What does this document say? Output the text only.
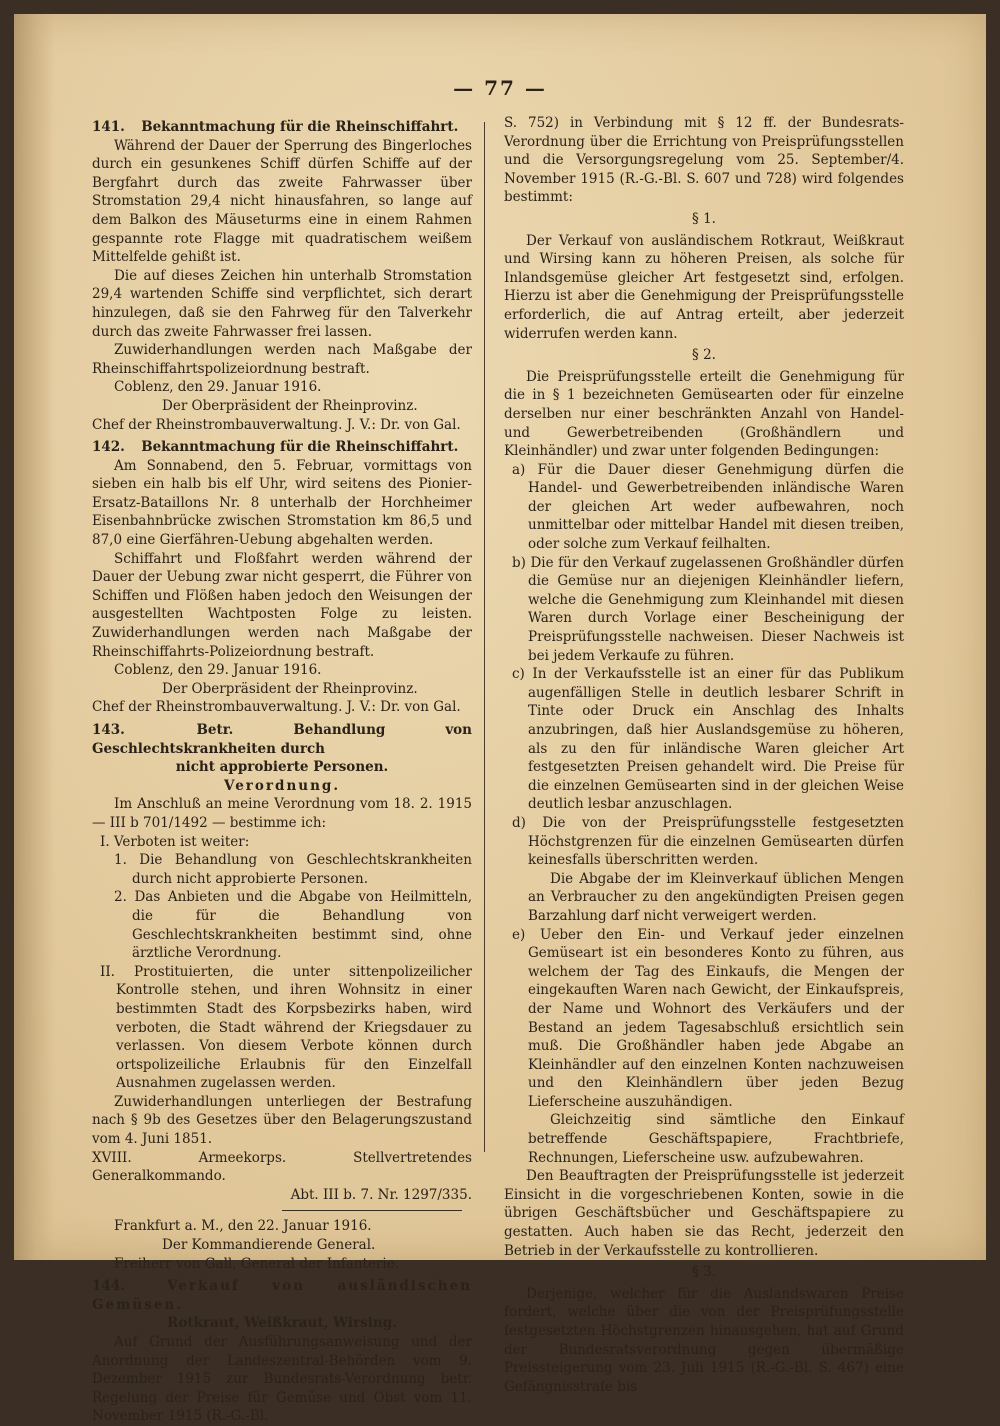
— 77 —

141. Bekanntmachung für die Rheinschiffahrt.

Während der Dauer der Sperrung des Bingerloches durch ein gesunkenes Schiff dürfen Schiffe auf der Bergfahrt durch das zweite Fahrwasser über Stromstation 29,4 nicht hinausfahren, so lange auf dem Balkon des Mäuseturms eine in einem Rahmen gespannte rote Flagge mit quadratischem weißem Mittelfelde gehißt ist.

Die auf dieses Zeichen hin unterhalb Stromstation 29,4 wartenden Schiffe sind verpflichtet, sich derart hinzulegen, daß sie den Fahrweg für den Talverkehr durch das zweite Fahrwasser frei lassen.

Zuwiderhandlungen werden nach Maßgabe der Rheinschiffahrtspolizeiordnung bestraft.

Coblenz, den 29. Januar 1916.

Der Oberpräsident der Rheinprovinz.

Chef der Rheinstrombauverwaltung. J. V.: Dr. von Gal.

142. Bekanntmachung für die Rheinschiffahrt.

Am Sonnabend, den 5. Februar, vormittags von sieben ein halb bis elf Uhr, wird seitens des Pionier-Ersatz-Bataillons Nr. 8 unterhalb der Horchheimer Eisenbahnbrücke zwischen Stromstation km 86,5 und 87,0 eine Gierfähren-Uebung abgehalten werden.

Schiffahrt und Floßfahrt werden während der Dauer der Uebung zwar nicht gesperrt, die Führer von Schiffen und Flößen haben jedoch den Weisungen der ausgestellten Wachtposten Folge zu leisten. Zuwiderhandlungen werden nach Maßgabe der Rheinschiffahrts-Polizeiordnung bestraft.

Coblenz, den 29. Januar 1916.

Der Oberpräsident der Rheinprovinz.

Chef der Rheinstrombauverwaltung. J. V.: Dr. von Gal.

143.	Betr. Behandlung von Geschlechtskrankheiten durch

nicht approbierte Personen.

Verordnung.

Im Anschluß an meine Verordnung vom 18. 2. 1915 — III b 701/1492 — bestimme ich:

I. Verboten ist weiter:

1. Die Behandlung von Geschlechtskrankheiten durch nicht approbierte Personen.

2. Das Anbieten und die Abgabe von Heilmitteln, die für die Behandlung von Geschlechtskrankheiten bestimmt sind, ohne ärztliche Verordnung.

II. Prostituierten, die unter sittenpolizeilicher Kontrolle stehen, und ihren Wohnsitz in einer bestimmten Stadt des Korpsbezirks haben, wird verboten, die Stadt während der Kriegsdauer zu verlassen. Von diesem Verbote können durch ortspolizeiliche Erlaubnis für den Einzelfall Ausnahmen zugelassen werden.

Zuwiderhandlungen unterliegen der Bestrafung nach § 9b des Gesetzes über den Belagerungszustand vom 4. Juni 1851.

XVIII. Armeekorps. Stellvertretendes Generalkommando.

Abt. III b. 7. Nr. 1297/335.

Frankfurt a. M., den 22. Januar 1916.

Der Kommandierende General.

Freiherr von Gall, General der Infanterie.

144.	Verkauf von ausländischen Gemüsen.

Rotkraut, Weißkraut, Wirsing.

Auf Grund der Ausführungsanweisung und der Anordnung der Landeszentral-Behörden vom 9. Dezember 1915 zur Bundesrats-Verordnung betr. Regelung der Preise für Gemüse und Obst vom 11. November 1915 (R.-G.-Bl.

S. 752) in Verbindung mit § 12 ff. der Bundesrats-Verordnung über die Errichtung von Preisprüfungsstellen und die Versorgungsregelung vom 25. September/4. November 1915 (R.-G.-Bl. S. 607 und 728) wird folgendes bestimmt:

§ 1.

Der Verkauf von ausländischem Rotkraut, Weißkraut und Wirsing kann zu höheren Preisen, als solche für Inlandsgemüse gleicher Art festgesetzt sind, erfolgen. Hierzu ist aber die Genehmigung der Preisprüfungsstelle erforderlich, die auf Antrag erteilt, aber jederzeit widerrufen werden kann.

§ 2.

Die Preisprüfungsstelle erteilt die Genehmigung für die in § 1 bezeichneten Gemüsearten oder für einzelne derselben nur einer beschränkten Anzahl von Handel- und Gewerbetreibenden (Großhändlern und Kleinhändler) und zwar unter folgenden Bedingungen:

a) Für die Dauer dieser Genehmigung dürfen die Handel- und Gewerbetreibenden inländische Waren der gleichen Art weder aufbewahren, noch unmittelbar oder mittelbar Handel mit diesen treiben, oder solche zum Verkauf feilhalten.

b) Die für den Verkauf zugelassenen Großhändler dürfen die Gemüse nur an diejenigen Kleinhändler liefern, welche die Genehmigung zum Kleinhandel mit diesen Waren durch Vorlage einer Bescheinigung der Preisprüfungsstelle nachweisen. Dieser Nachweis ist bei jedem Verkaufe zu führen.

c) In der Verkaufsstelle ist an einer für das Publikum augenfälligen Stelle in deutlich lesbarer Schrift in Tinte oder Druck ein Anschlag des Inhalts anzubringen, daß hier Auslandsgemüse zu höheren, als zu den für inländische Waren gleicher Art festgesetzten Preisen gehandelt wird. Die Preise für die einzelnen Gemüsearten sind in der gleichen Weise deutlich lesbar anzuschlagen.

d) Die von der Preisprüfungsstelle festgesetzten Höchstgrenzen für die einzelnen Gemüsearten dürfen keinesfalls überschritten werden.

Die Abgabe der im Kleinverkauf üblichen Mengen an Verbraucher zu den angekündigten Preisen gegen Barzahlung darf nicht verweigert werden.

e) Ueber den Ein- und Verkauf jeder einzelnen Gemüseart ist ein besonderes Konto zu führen, aus welchem der Tag des Einkaufs, die Mengen der eingekauften Waren nach Gewicht, der Einkaufspreis, der Name und Wohnort des Verkäufers und der Bestand an jedem Tagesabschluß ersichtlich sein muß. Die Großhändler haben jede Abgabe an Kleinhändler auf den einzelnen Konten nachzuweisen und den Kleinhändlern über jeden Bezug Lieferscheine auszuhändigen.

Gleichzeitig sind sämtliche den Einkauf betreffende Geschäftspapiere, Frachtbriefe, Rechnungen, Lieferscheine usw. aufzubewahren.

Den Beauftragten der Preisprüfungsstelle ist jederzeit Einsicht in die vorgeschriebenen Konten, sowie in die übrigen Geschäftsbücher und Geschäftspapiere zu gestatten. Auch haben sie das Recht, jederzeit den Betrieb in der Verkaufsstelle zu kontrollieren.

§ 3.

Derjenige, welcher für die Auslandswaren Preise fordert, welche über die von der Preisprüfungsstelle festgesetzten Höchstgrenzen hinausgehen, hat auf Grund der Bundesratsverordnung gegen übermäßige Preissteigerung vom 23. Juli 1915 (R.-G.-Bl. S. 467) eine Gefängnisstrafe bis
